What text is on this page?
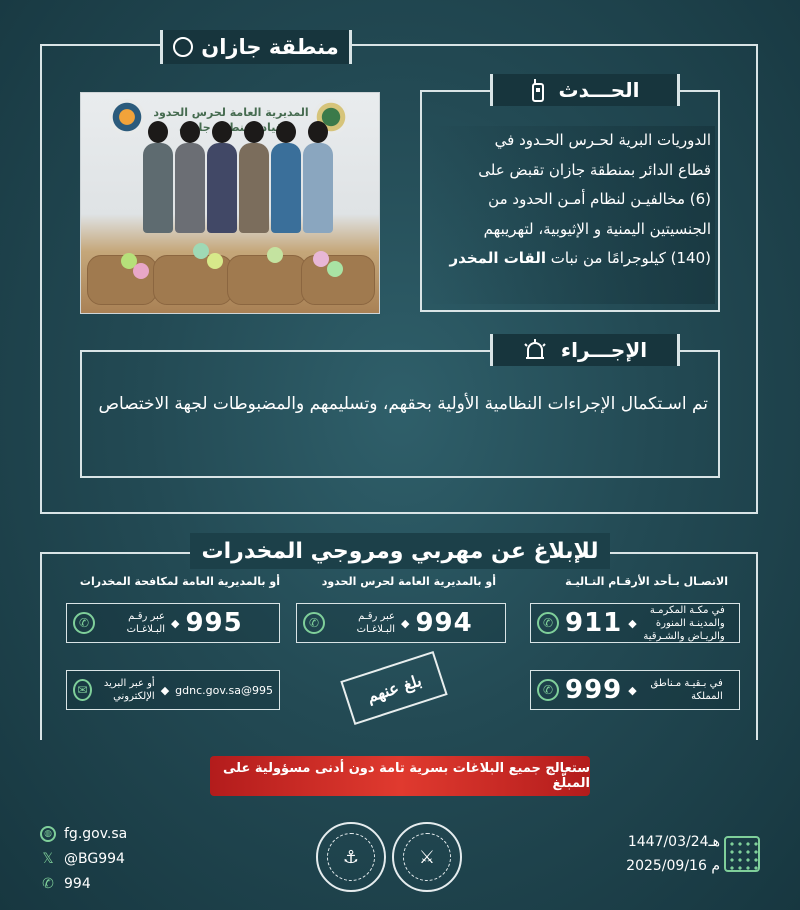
منطقة جازان
المديرية العامة لحرس الحدود
قيادة منطقة
الحـــدث
الدوريات البرية لحـرس الحـدود في
قطاع الدائر بمنطقة جازان تقبض على
(6) مخالفيـن لنظام أمـن الحدود من
الجنسيتين اليمنية و الإثيوبية، لتهريبهم
(140) كيلوجرامًا من نبات القات المخدر
الإجـــراء
تم اسـتكمال الإجراءات النظامية الأولية بحقهم، وتسليمهم والمضبوطات لجهة الاختصاص
للإبلاغ عن مهربي ومروجي المخدرات
الاتصـال بـأحد الأرقـام التـاليـة
أو بالمديرية العامة لحرس الحدود
أو بالمديرية العامة لمكافحة المخدرات
✆ 911 ◆
في مكـة المكرمـة والمدينـة المنورة والريـاض والشـرقية
✆ 999 ◆	في بـقيـة مـناطق المملكة
✆	عبر رقـم البـلاغـات ◆ 994
✆	عبر رقـم البـلاغـات ◆ 995
✉	أو عبر البريد الإلكتروني ◆ 995@gdnc.gov.sa	بلغ عنهم
ستعالج جميع البلاغات بسرية تامة دون أدنى مسؤولية على المبلّغ
◍ fg.gov.sa
𝕏 @BG994
✆ 994
⚓	⚔
1447/03/24هـ
2025/09/16 م
